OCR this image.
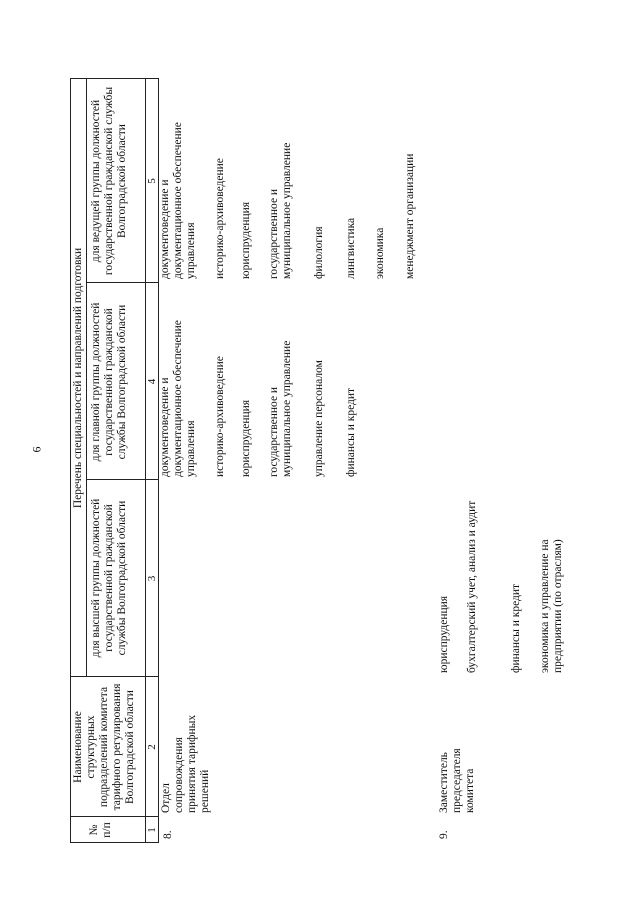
6
№ п/п
Наименование структурных подразделений комитета тарифного регулирования Волгоградской области
Перечень специальностей и направлений подготовки
для высшей группы должностей государственной гражданской службы Волгоградской области
для главной группы должностей государственной гражданской службы Волгоградской области
для ведущей группы должностей государственной гражданской службы Волгоградской области
1
2
3
4
5
8.
Отдел сопровождения принятия тарифных решений
документоведение и документационное обеспечение управления историко-архивоведение юриспруденция государственное и муниципальное управление управление персоналом финансы и кредит
документоведение и документационное обеспечение управления историко-архивоведение юриспруденция государственное и муниципальное управление филология лингвистика экономика менеджмент организации
9.
Заместитель председателя комитета
юриспруденция бухгалтерский учет, анализ и аудит	финансы и кредит экономика и управление на предприятии (по отраслям)
